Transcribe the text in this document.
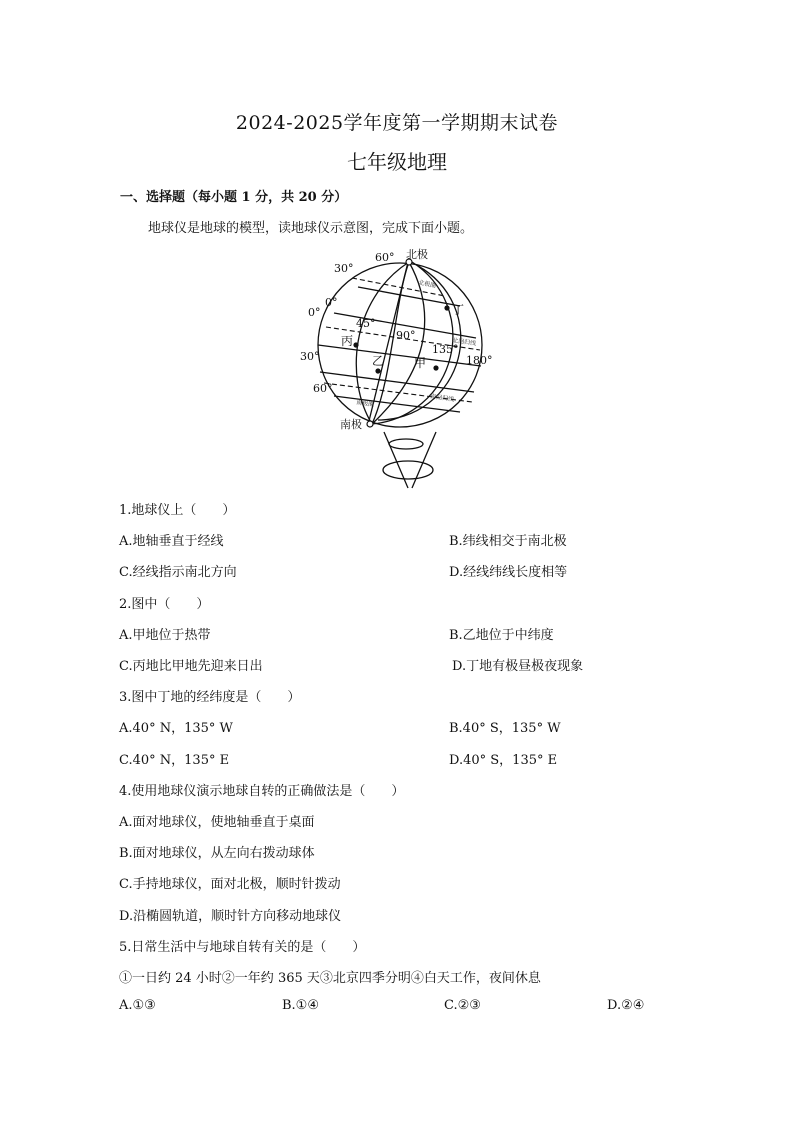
2024-2025学年度第一学期期末试卷
七年级地理
一、选择题（每小题 1 分，共 20 分）
地球仪是地球的模型，读地球仪示意图，完成下面小题。
北极
南极
60°
30°
0°
0°
30°
60°
45°
90°
135°
180°
丙
乙 甲
丁
北极圈
北回归线
南回归线
南极圈
1.地球仪上（　　）
A.地轴垂直于经线	B.纬线相交于南北极
C.经线指示南北方向	D.经线纬线长度相等
2.图中（　　）
A.甲地位于热带	B.乙地位于中纬度
C.丙地比甲地先迎来日出	D.丁地有极昼极夜现象
3.图中丁地的经纬度是（　　）
A.40° N，135° W	B.40° S，135° W
C.40° N，135° E	D.40° S，135° E
4.使用地球仪演示地球自转的正确做法是（　　）
A.面对地球仪，使地轴垂直于桌面
B.面对地球仪，从左向右拨动球体
C.手持地球仪，面对北极，顺时针拨动
D.沿椭圆轨道，顺时针方向移动地球仪
5.日常生活中与地球自转有关的是（　　）
①一日约 24 小时②一年约 365 天③北京四季分明④白天工作，夜间休息
A.①③	B.①④	C.②③	D.②④
